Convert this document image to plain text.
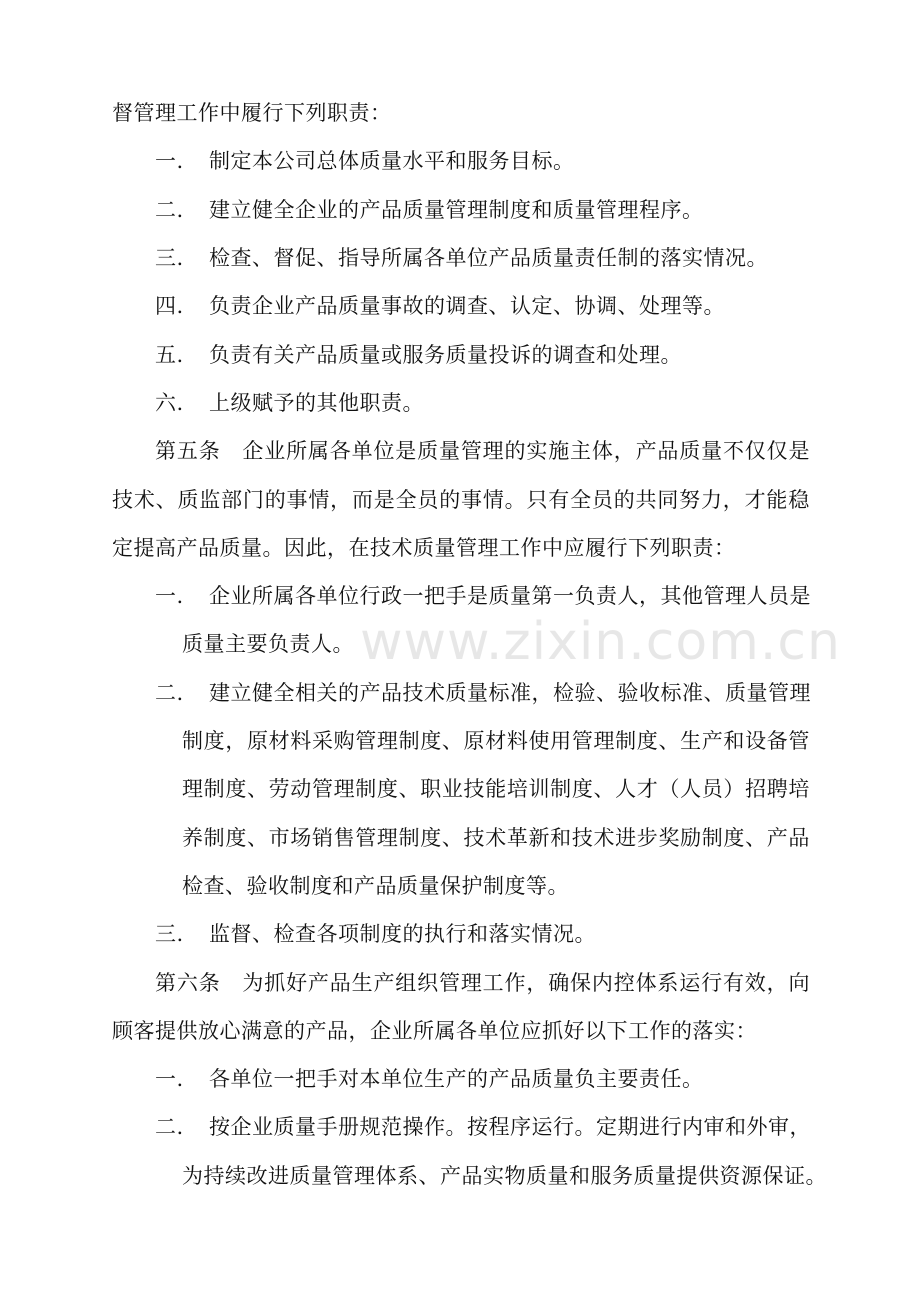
www.zixin.com.cn
督管理工作中履行下列职责：
一. 制定本公司总体质量水平和服务目标。
二. 建立健全企业的产品质量管理制度和质量管理程序。
三. 检查、督促、指导所属各单位产品质量责任制的落实情况。
四. 负责企业产品质量事故的调查、认定、协调、处理等。
五. 负责有关产品质量或服务质量投诉的调查和处理。
六. 上级赋予的其他职责。
第 五 条
　 企 业 所 属 各 单 位 是 质 量 管 理 的 实 施 主 体 ， 产 品 质 量 不 仅 仅 是
技 术 、 质 监 部 门 的 事 情 ， 而 是 全 员 的 事 情 。 只 有 全 员 的 共 同 努 力 ， 才 能 稳
定提高产品质量。因此，在技术质量管理工作中应履行下列职责：
一. 企业所属各单位行政一把手是质量第一负责人，其他管理人员是
质量主要负责人。
二. 建立健全相关的产品技术质量标准，检验、验收标准、质量管理
制 度 ， 原 材 料 采 购 管 理 制 度 、 原 材 料 使 用 管 理 制 度 、 生 产 和 设 备 管
理 制 度 、 劳 动 管 理 制 度 、 职 业 技 能 培 训 制 度 、 人 才 （ 人 员 ） 招 聘 培
养 制 度 、 市 场 销 售 管 理 制 度 、 技 术 革 新 和 技 术 进 步 奖 励 制 度 、 产 品
检查、验收制度和产品质量保护制度等。
三. 监督、检查各项制度的执行和落实情况。
第 六 条
　 为 抓 好 产 品 生 产 组 织 管 理 工 作 ， 确 保 内 控 体 系 运 行 有 效 ， 向
顾客提供放心满意的产品，企业所属各单位应抓好以下工作的落实：
一. 各单位一把手对本单位生产的产品质量负主要责任。
二. 按企业质量手册规范操作。按程序运行。定期进行内审和外审，
为持续改进质量管理体系、产品实物质量和服务质量提供资源保证。
